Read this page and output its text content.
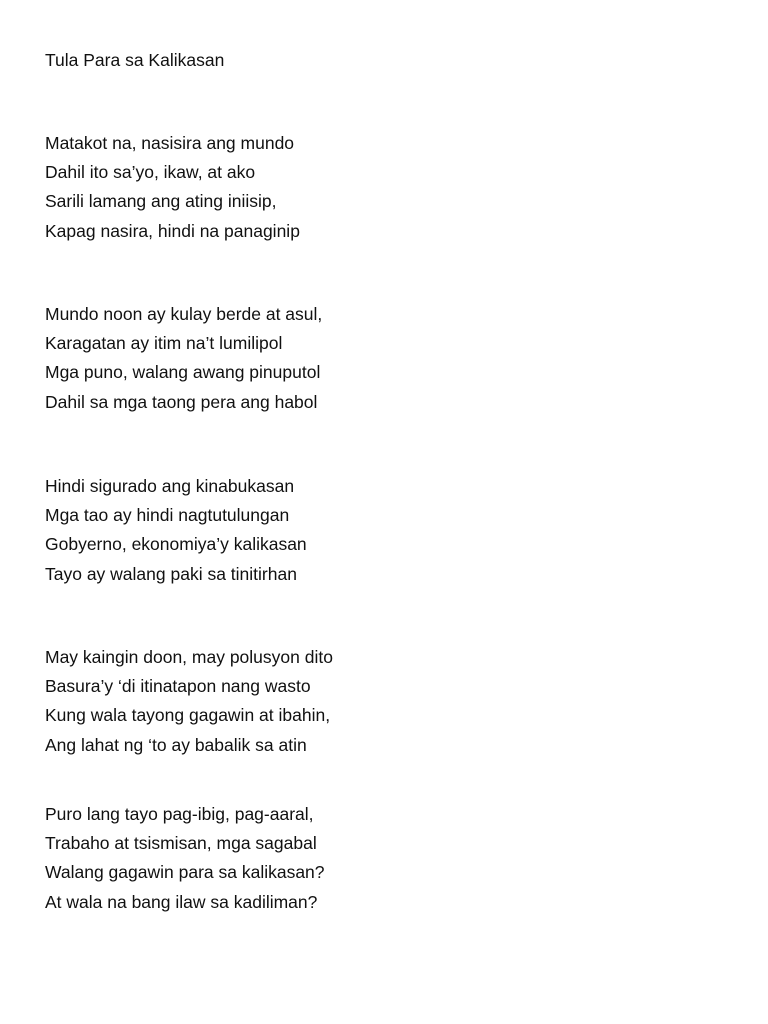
Tula Para sa Kalikasan
Matakot na, nasisira ang mundo
Dahil ito sa’yo, ikaw, at ako
Sarili lamang ang ating iniisip,
Kapag nasira, hindi na panaginip
Mundo noon ay kulay berde at asul,
Karagatan ay itim na’t lumilipol
Mga puno, walang awang pinuputol
Dahil sa mga taong pera ang habol
Hindi sigurado ang kinabukasan
Mga tao ay hindi nagtutulungan
Gobyerno, ekonomiya’y kalikasan
Tayo ay walang paki sa tinitirhan
May kaingin doon, may polusyon dito
Basura’y ‘di itinatapon nang wasto
Kung wala tayong gagawin at ibahin,
Ang lahat ng ‘to ay babalik sa atin
Puro lang tayo pag-ibig, pag-aaral,
Trabaho at tsismisan, mga sagabal
Walang gagawin para sa kalikasan?
At wala na bang ilaw sa kadiliman?
